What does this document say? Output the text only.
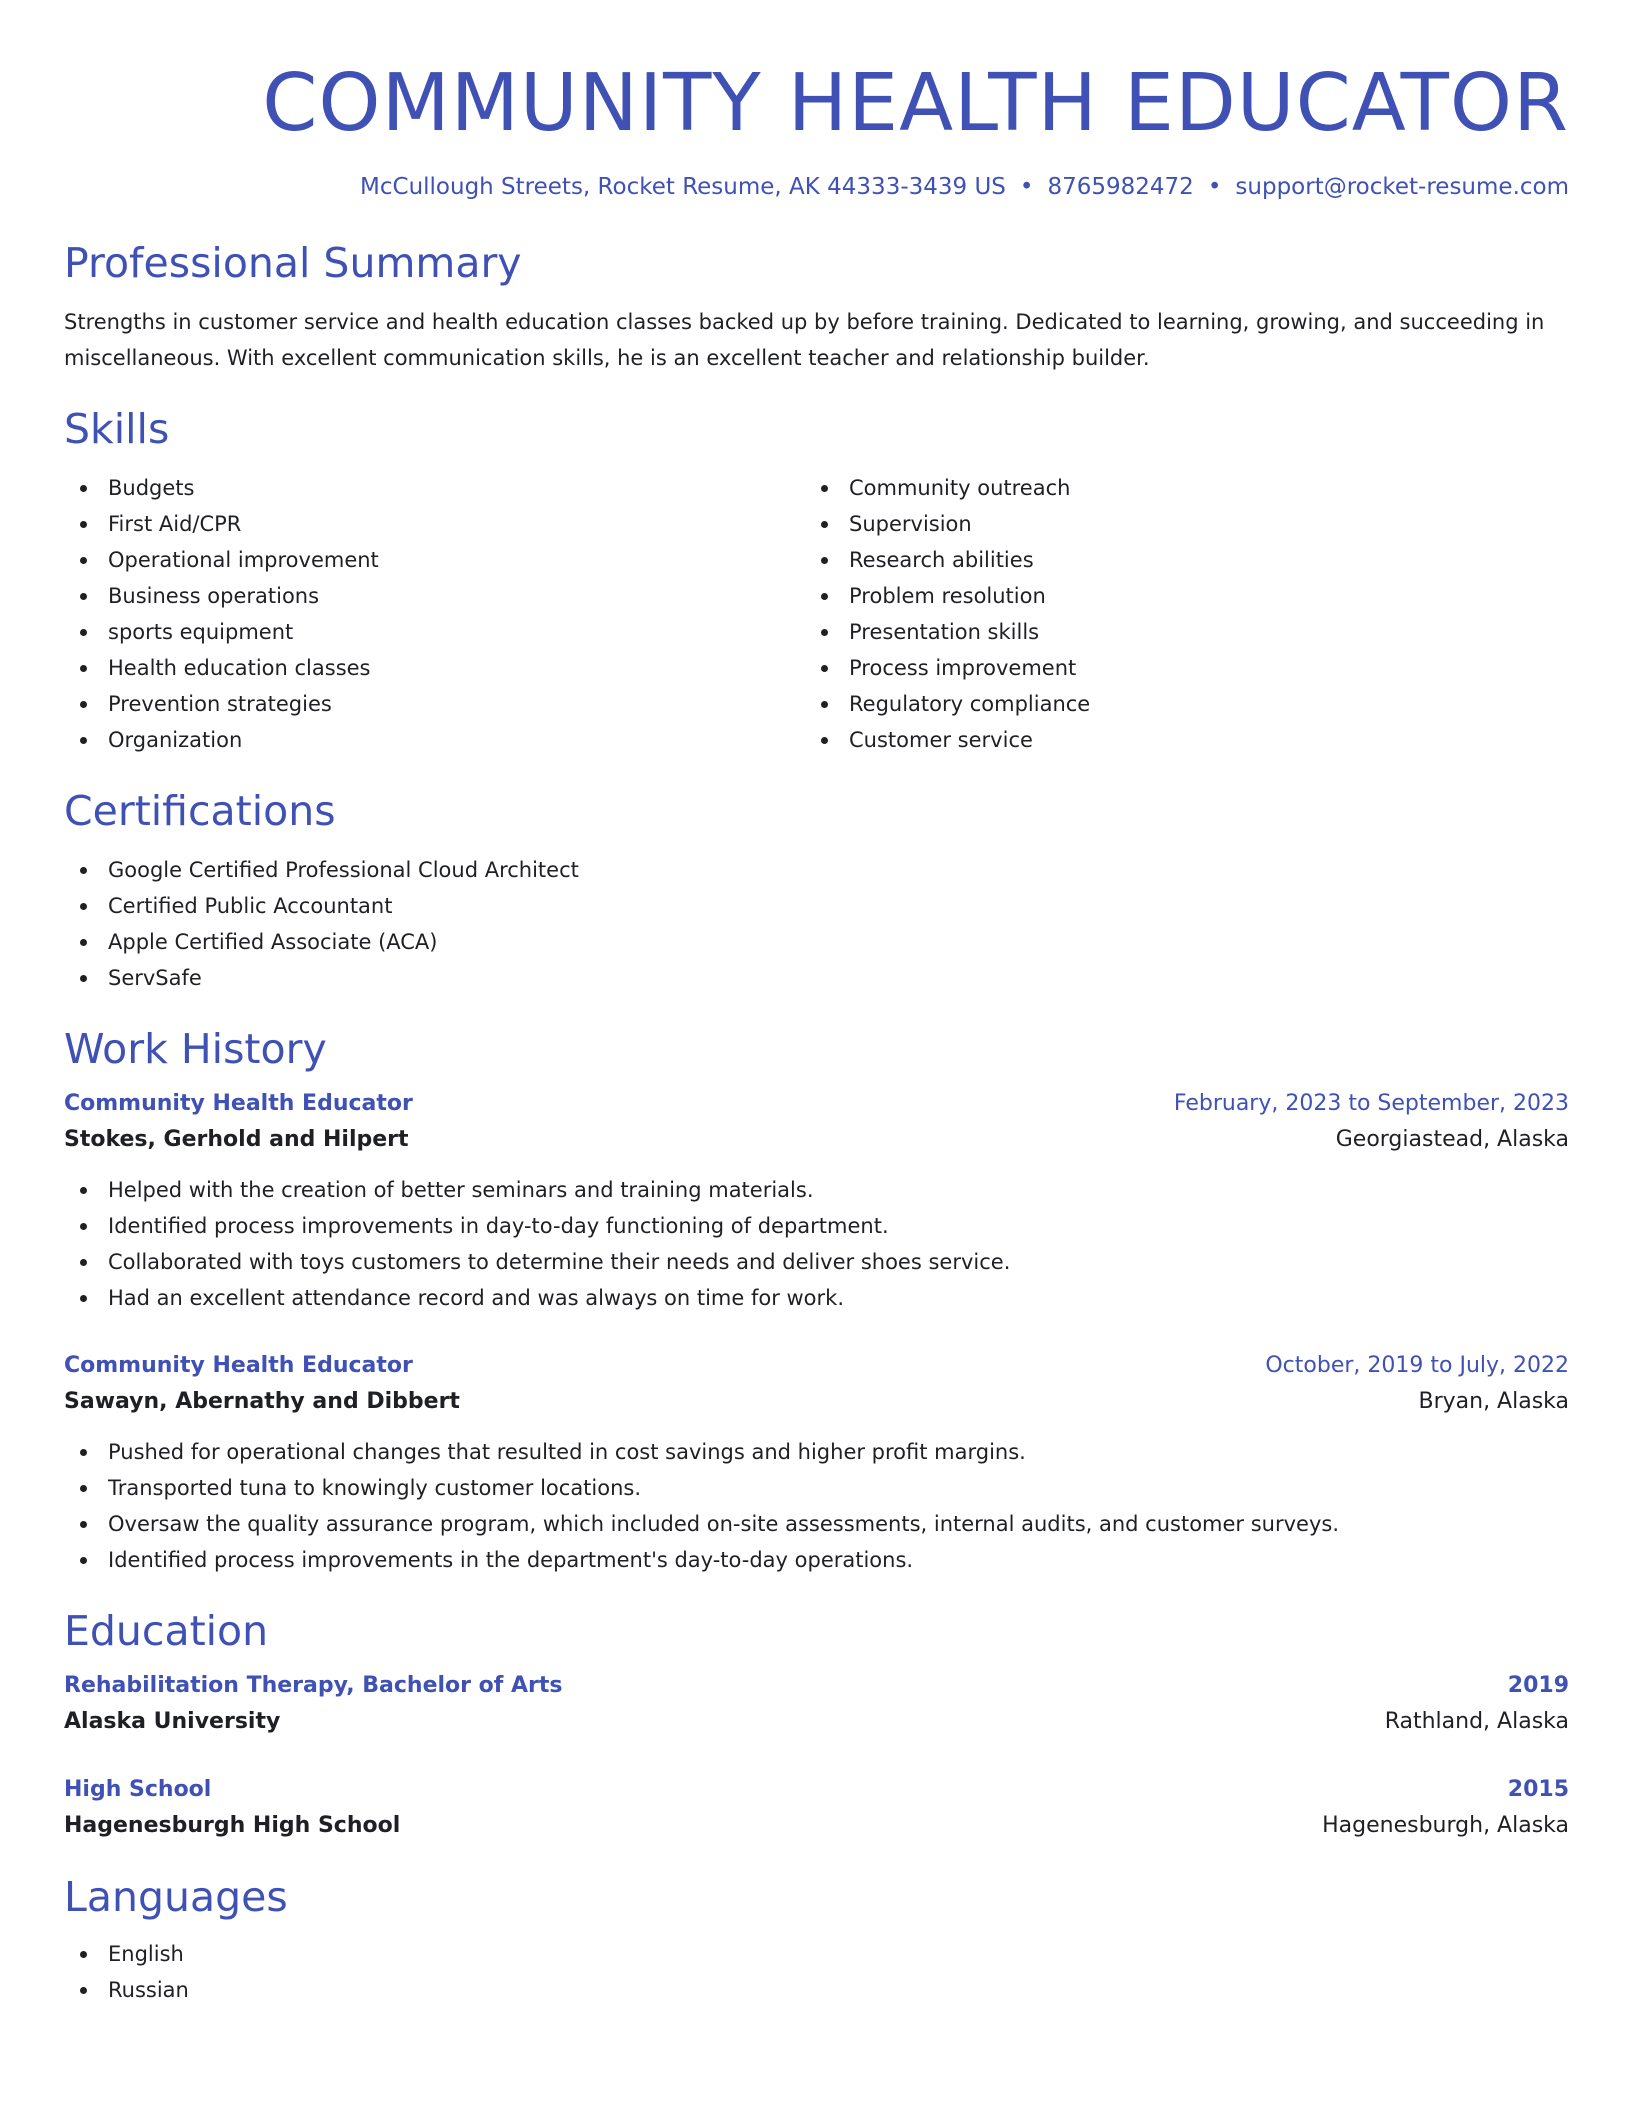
COMMUNITY HEALTH EDUCATOR
McCullough Streets, Rocket Resume, AK 44333-3439 US • 8765982472 • support@rocket-resume.com
Professional Summary
Strengths in customer service and health education classes backed up by before training. Dedicated to learning, growing, and succeeding in miscellaneous. With excellent communication skills, he is an excellent teacher and relationship builder.
Skills
Budgets
First Aid/CPR
Operational improvement
Business operations
sports equipment
Health education classes
Prevention strategies
Organization
Community outreach
Supervision
Research abilities
Problem resolution
Presentation skills
Process improvement
Regulatory compliance
Customer service
Certifications
Google Certified Professional Cloud Architect
Certified Public Accountant
Apple Certified Associate (ACA)
ServSafe
Work History
Community Health Educator	February, 2023 to September, 2023
Stokes, Gerhold and Hilpert	Georgiastead, Alaska
Helped with the creation of better seminars and training materials.
Identified process improvements in day-to-day functioning of department.
Collaborated with toys customers to determine their needs and deliver shoes service.
Had an excellent attendance record and was always on time for work.
Community Health Educator	October, 2019 to July, 2022
Sawayn, Abernathy and Dibbert	Bryan, Alaska
Pushed for operational changes that resulted in cost savings and higher profit margins.
Transported tuna to knowingly customer locations.
Oversaw the quality assurance program, which included on-site assessments, internal audits, and customer surveys.
Identified process improvements in the department's day-to-day operations.
Education
Rehabilitation Therapy, Bachelor of Arts	2019
Alaska University	Rathland, Alaska
High School	2015
Hagenesburgh High School	Hagenesburgh, Alaska
Languages
English
Russian
